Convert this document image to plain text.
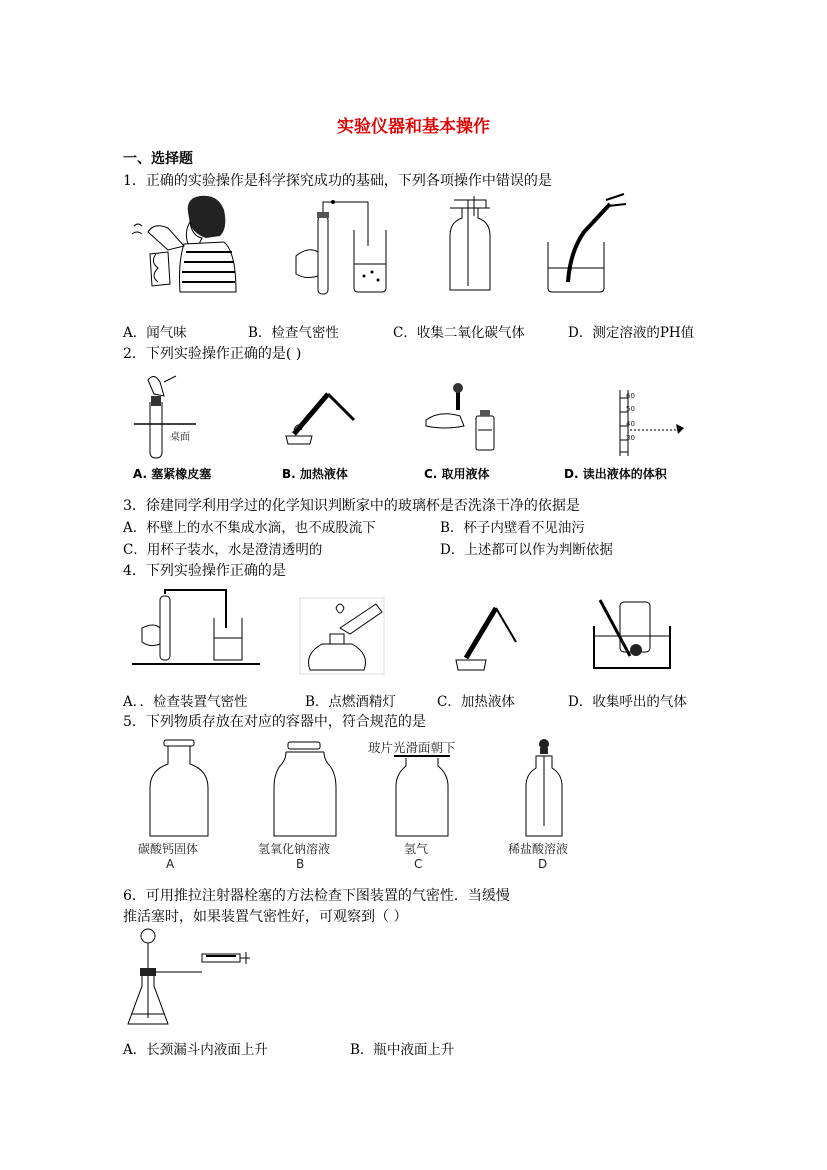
实验仪器和基本操作
一、选择题
1．正确的实验操作是科学探究成功的基础，下列各项操作中错误的是
A．闻气味	B．检查气密性	C．收集二氧化碳气体	D．测定溶液的PH值
2．下列实验操作正确的是( )
桌面
60
50
40
30
A. 塞紧橡皮塞	B. 加热液体	C. 取用液体	D. 读出液体的体积
3．徐建同学利用学过的化学知识判断家中的玻璃杯是否洗涤干净的依据是
A．杯壁上的水不集成水滴，也不成股流下	B．杯子内壁看不见油污
C．用杯子装水，水是澄清透明的	D．上述都可以作为判断依据
4．下列实验操作正确的是
A．．检查装置气密性	B．点燃酒精灯	C．加热液体	D．收集呼出的气体
5．下列物质存放在对应的容器中，符合规范的是
玻片光滑面朝下
碳酸钙固体
A
氢氧化钠溶液
B
氢气
C
稀盐酸溶液
D
6．可用推拉注射器栓塞的方法检查下图装置的气密性．当缓慢
推活塞时，如果装置气密性好，可观察到（ ）
A．长颈漏斗内液面上升	B．瓶中液面上升
